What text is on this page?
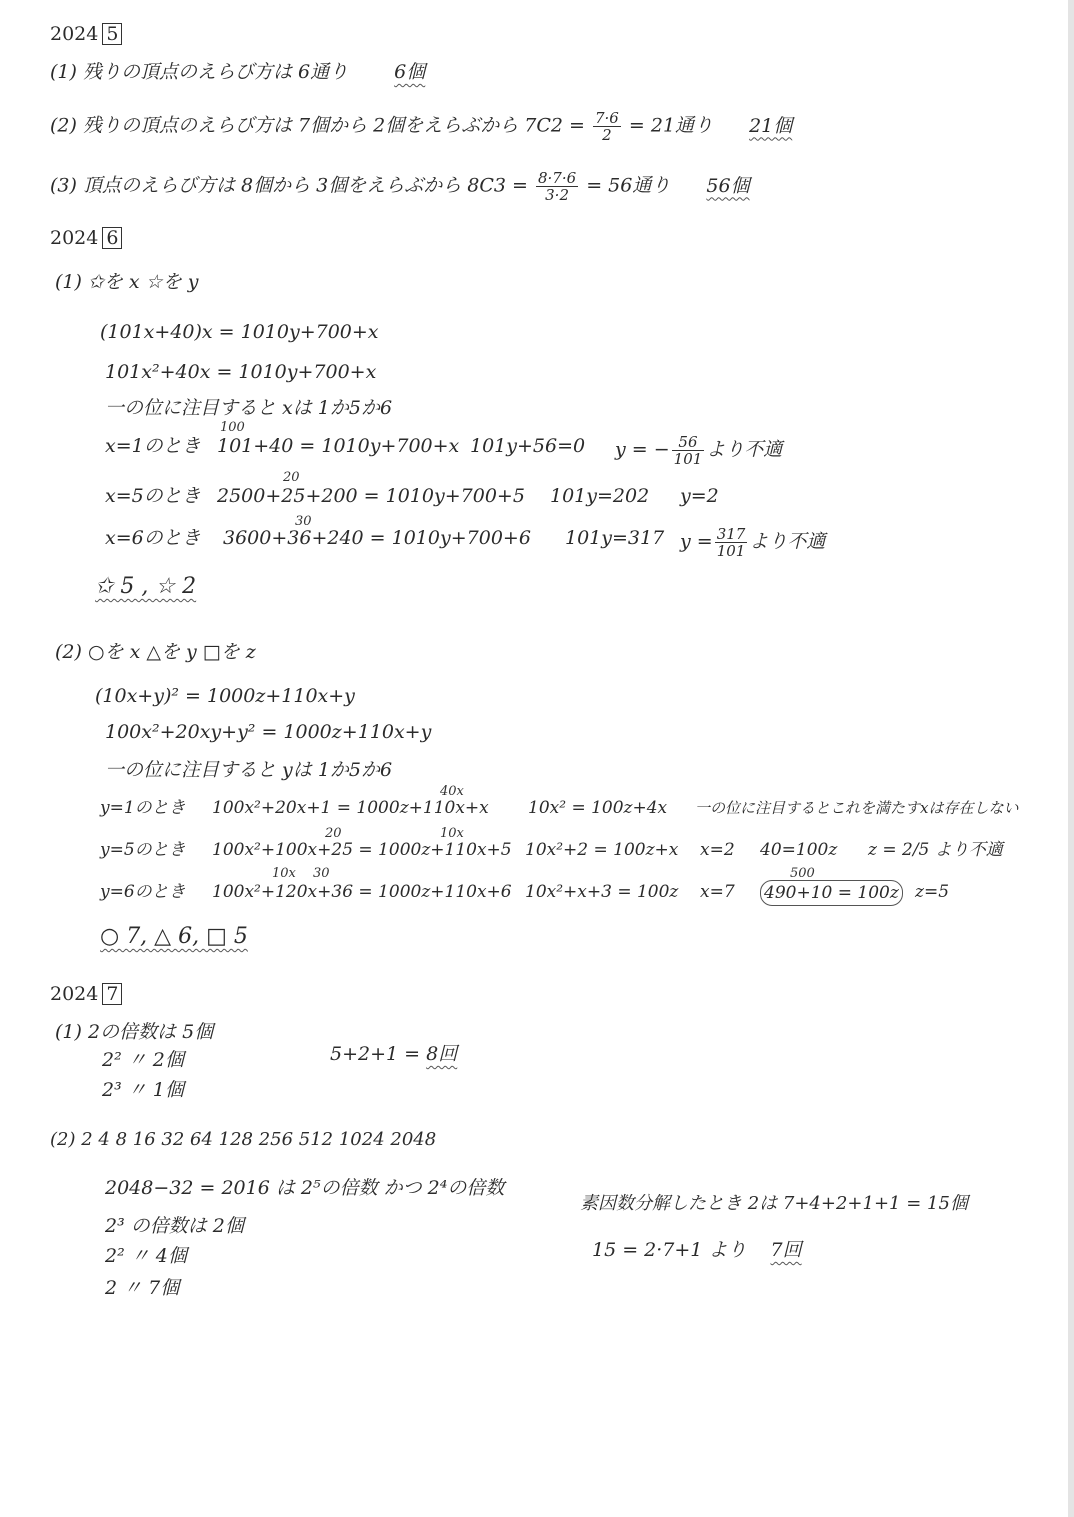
2024 5
(1) 残りの頂点のえらび方は 6通り 6個
(2) 残りの頂点のえらび方は 7個から 2個をえらぶから $7C2 = \frac{7\cdot 6}{2} = 21$通り 21個
(3) 頂点のえらび方は 8個から 3個をえらぶから $8C3 = \frac{8\cdot 7\cdot 6}{3\cdot 2} = 56$通り 56個
2024 6
(1) ✩を x ☆を y
(101x+40)x = 1010y+700+x
101x²+40x = 1010y+700+x
一の位に注目すると xは 1か5か6
100
x=1のとき 101+40 = 1010y+700+x 101y+56=0 y = − $\frac{56}{101}$ より不適
20
x=5のとき 2500+25+200 = 1010y+700+5 101y=202 y=2
30
x=6のとき 3600+36+240 = 1010y+700+6 101y=317 $y = \frac{317}{101}$ より不適
✩ 5 , ☆ 2
(2) ○を x △を y □を z
(10x+y)² = 1000z+110x+y
100x²+20xy+y² = 1000z+110x+y
一の位に注目すると yは 1か5か6
40x
y=1のとき 100x²+20x+1 = 1000z+110x+x 10x² = 100z+4x 一の位に注目するとこれを満たすxは存在しない
20	10x
y=5のとき 100x²+100x+25 = 1000z+110x+5 10x²+2 = 100z+x x=2 40=100z z = 2/5 より不適
10x 30	500
y=6のとき 100x²+120x+36 = 1000z+110x+6 10x²+x+3 = 100z x=7 490+10 = 100z z=5
○ 7, △ 6, □ 5
2024 7
(1) 2の倍数は 5個
2² 〃 2個
2³ 〃 1個
5+2+1 = 8回
(2) 2 4 8 16 32 64 128 256 512 1024 2048
2048−32 = 2016 は 2⁵の倍数 かつ 2⁴の倍数
2³ の倍数は 2個
2² 〃 4個
2 〃 7個
素因数分解したとき 2は 7+4+2+1+1 = 15個
15 = 2·7+1 より 7回
